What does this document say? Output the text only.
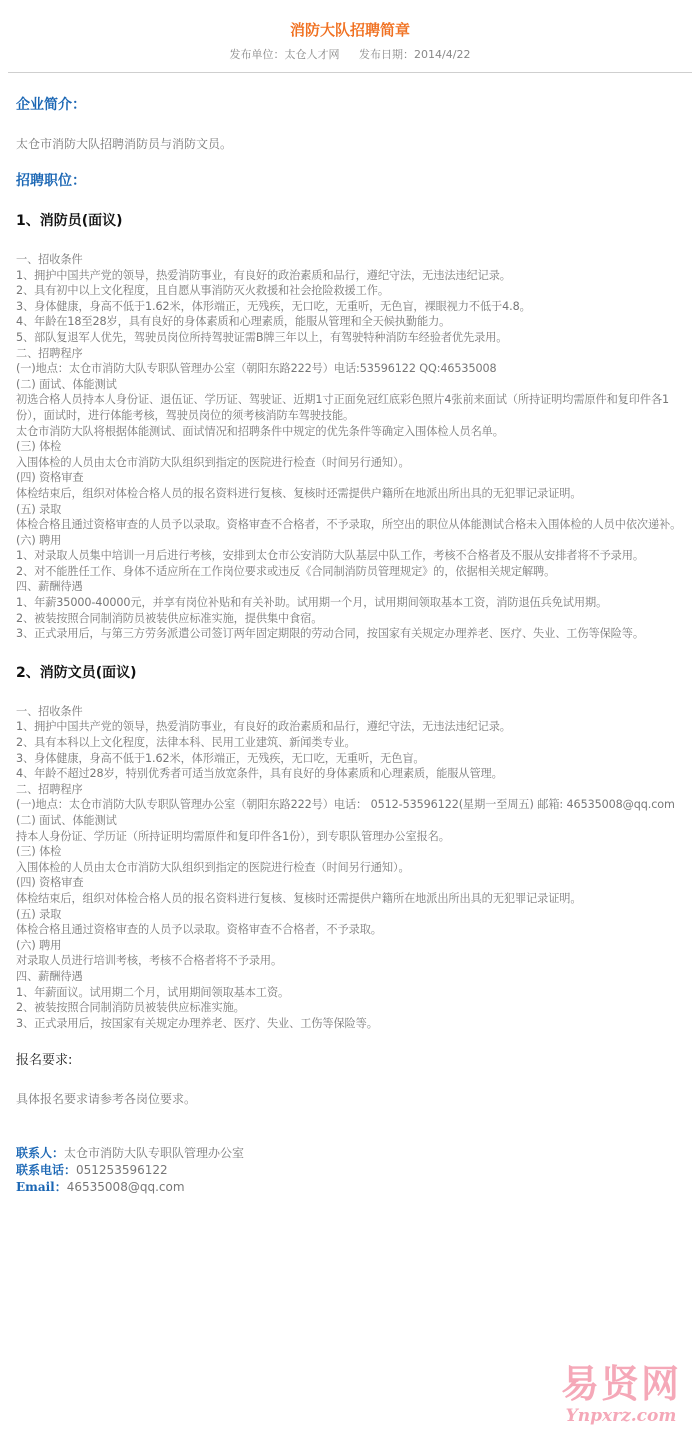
消防大队招聘简章
发布单位：太仓人才网 发布日期：2014/4/22
企业简介：
太仓市消防大队招聘消防员与消防文员。
招聘职位：
1、消防员(面议)
一、招收条件
1、拥护中国共产党的领导，热爱消防事业，有良好的政治素质和品行，遵纪守法，无违法违纪记录。
2、具有初中以上文化程度，且自愿从事消防灭火救援和社会抢险救援工作。
3、身体健康，身高不低于1.62米，体形端正，无残疾，无口吃，无重听，无色盲，裸眼视力不低于4.8。
4、年龄在18至28岁，具有良好的身体素质和心理素质，能服从管理和全天候执勤能力。
5、部队复退军人优先，驾驶员岗位所持驾驶证需B牌三年以上，有驾驶特种消防车经验者优先录用。
二、招聘程序
(一)地点：太仓市消防大队专职队管理办公室（朝阳东路222号）电话:53596122 QQ:46535008
(二) 面试、体能测试
初选合格人员持本人身份证、退伍证、学历证、驾驶证、近期1寸正面免冠红底彩色照片4张前来面试（所持证明均需原件和复印件各1份），面试时，进行体能考核，驾驶员岗位的须考核消防车驾驶技能。
太仓市消防大队将根据体能测试、面试情况和招聘条件中规定的优先条件等确定入围体检人员名单。
(三) 体检
入围体检的人员由太仓市消防大队组织到指定的医院进行检查（时间另行通知）。
(四) 资格审查
体检结束后，组织对体检合格人员的报名资料进行复核、复核时还需提供户籍所在地派出所出具的无犯罪记录证明。
(五) 录取
体检合格且通过资格审查的人员予以录取。资格审查不合格者，不予录取，所空出的职位从体能测试合格未入围体检的人员中依次递补。
(六) 聘用
1、对录取人员集中培训一月后进行考核，安排到太仓市公安消防大队基层中队工作，考核不合格者及不服从安排者将不予录用。
2、对不能胜任工作、身体不适应所在工作岗位要求或违反《合同制消防员管理规定》的，依据相关规定解聘。
四、薪酬待遇
1、年薪35000-40000元，并享有岗位补贴和有关补助。试用期一个月，试用期间领取基本工资，消防退伍兵免试用期。
2、被装按照合同制消防员被装供应标准实施，提供集中食宿。
3、正式录用后，与第三方劳务派遣公司签订两年固定期限的劳动合同，按国家有关规定办理养老、医疗、失业、工伤等保险等。
2、消防文员(面议)
一、招收条件
1、拥护中国共产党的领导，热爱消防事业，有良好的政治素质和品行，遵纪守法，无违法违纪记录。
2、具有本科以上文化程度，法律本科、民用工业建筑、新闻类专业。
3、身体健康，身高不低于1.62米，体形端正，无残疾，无口吃，无重听，无色盲。
4、年龄不超过28岁，特别优秀者可适当放宽条件，具有良好的身体素质和心理素质，能服从管理。
二、招聘程序
(一)地点：太仓市消防大队专职队管理办公室（朝阳东路222号）电话： 0512-53596122(星期一至周五) 邮箱: 46535008@qq.com
(二) 面试、体能测试
持本人身份证、学历证（所持证明均需原件和复印件各1份），到专职队管理办公室报名。
(三) 体检
入围体检的人员由太仓市消防大队组织到指定的医院进行检查（时间另行通知）。
(四) 资格审查
体检结束后，组织对体检合格人员的报名资料进行复核、复核时还需提供户籍所在地派出所出具的无犯罪记录证明。
(五) 录取
体检合格且通过资格审查的人员予以录取。资格审查不合格者，不予录取。
(六) 聘用
对录取人员进行培训考核，考核不合格者将不予录用。
四、薪酬待遇
1、年薪面议。试用期二个月，试用期间领取基本工资。
2、被装按照合同制消防员被装供应标准实施。
3、正式录用后，按国家有关规定办理养老、医疗、失业、工伤等保险等。
报名要求:
具体报名要求请参考各岗位要求。
联系人：太仓市消防大队专职队管理办公室
联系电话：051253596122
Email：46535008@qq.com
易贤网
Ynpxrz.com
